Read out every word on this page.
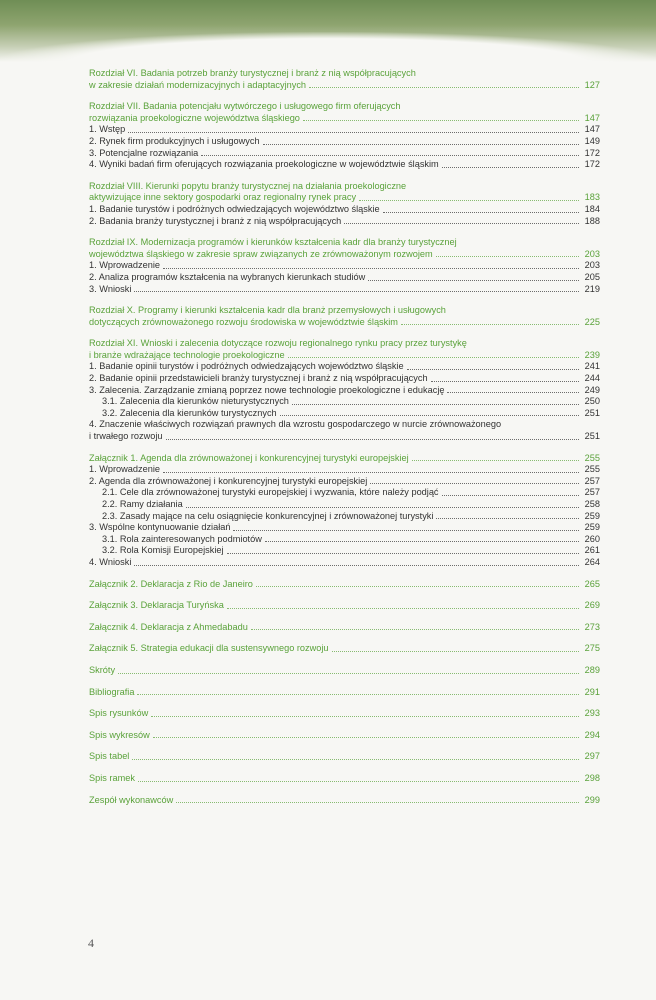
Rozdział VI. Badania potrzeb branży turystycznej i branż z nią współpracujących
w zakresie działań modernizacyjnych i adaptacyjnych	127
Rozdział VII. Badania potencjału wytwórczego i usługowego firm oferujących
rozwiązania proekologiczne województwa śląskiego	147
1. Wstęp	147
2. Rynek firm produkcyjnych i usługowych	149
3. Potencjalne rozwiązania	172
4. Wyniki badań firm oferujących rozwiązania proekologiczne w województwie śląskim	172
Rozdział VIII. Kierunki popytu branży turystycznej na działania proekologiczne
aktywizujące inne sektory gospodarki oraz regionalny rynek pracy	183
1. Badanie turystów i podróżnych odwiedzających województwo śląskie	184
2. Badania branży turystycznej i branż z nią współpracujących	188
Rozdział IX. Modernizacja programów i kierunków kształcenia kadr dla branży turystycznej
województwa śląskiego w zakresie spraw związanych ze zrównoważonym rozwojem	203
1. Wprowadzenie	203
2. Analiza programów kształcenia na wybranych kierunkach studiów	205
3. Wnioski	219
Rozdział X. Programy i kierunki kształcenia kadr dla branż przemysłowych i usługowych
dotyczących zrównoważonego rozwoju środowiska w województwie śląskim	225
Rozdział XI. Wnioski i zalecenia dotyczące rozwoju regionalnego rynku pracy przez turystykę
i branże wdrażające technologie proekologiczne	239
1. Badanie opinii turystów i podróżnych odwiedzających województwo śląskie	241
2. Badanie opinii przedstawicieli branży turystycznej i branż z nią współpracujących	244
3. Zalecenia. Zarządzanie zmianą poprzez nowe technologie proekologiczne i edukację	249
3.1. Zalecenia dla kierunków nieturystycznych	250
3.2. Zalecenia dla kierunków turystycznych	251
4. Znaczenie właściwych rozwiązań prawnych dla wzrostu gospodarczego w nurcie zrównoważonego
i trwałego rozwoju	251
Załącznik 1. Agenda dla zrównoważonej i konkurencyjnej turystyki europejskiej	255
1. Wprowadzenie	255
2. Agenda dla zrównoważonej i konkurencyjnej turystyki europejskiej	257
2.1. Cele dla zrównoważonej turystyki europejskiej i wyzwania, które należy podjąć	257
2.2. Ramy działania	258
2.3. Zasady mające na celu osiągnięcie konkurencyjnej i zrównoważonej turystyki	259
3. Wspólne kontynuowanie działań	259
3.1. Rola zainteresowanych podmiotów	260
3.2. Rola Komisji Europejskiej	261
4. Wnioski	264
Załącznik 2. Deklaracja z Rio de Janeiro	265
Załącznik 3. Deklaracja Turyńska	269
Załącznik 4. Deklaracja z Ahmedabadu	273
Załącznik 5. Strategia edukacji dla sustensywnego rozwoju	275
Skróty	289
Bibliografia	291
Spis rysunków	293
Spis wykresów	294
Spis tabel	297
Spis ramek	298
Zespół wykonawców	299
4
